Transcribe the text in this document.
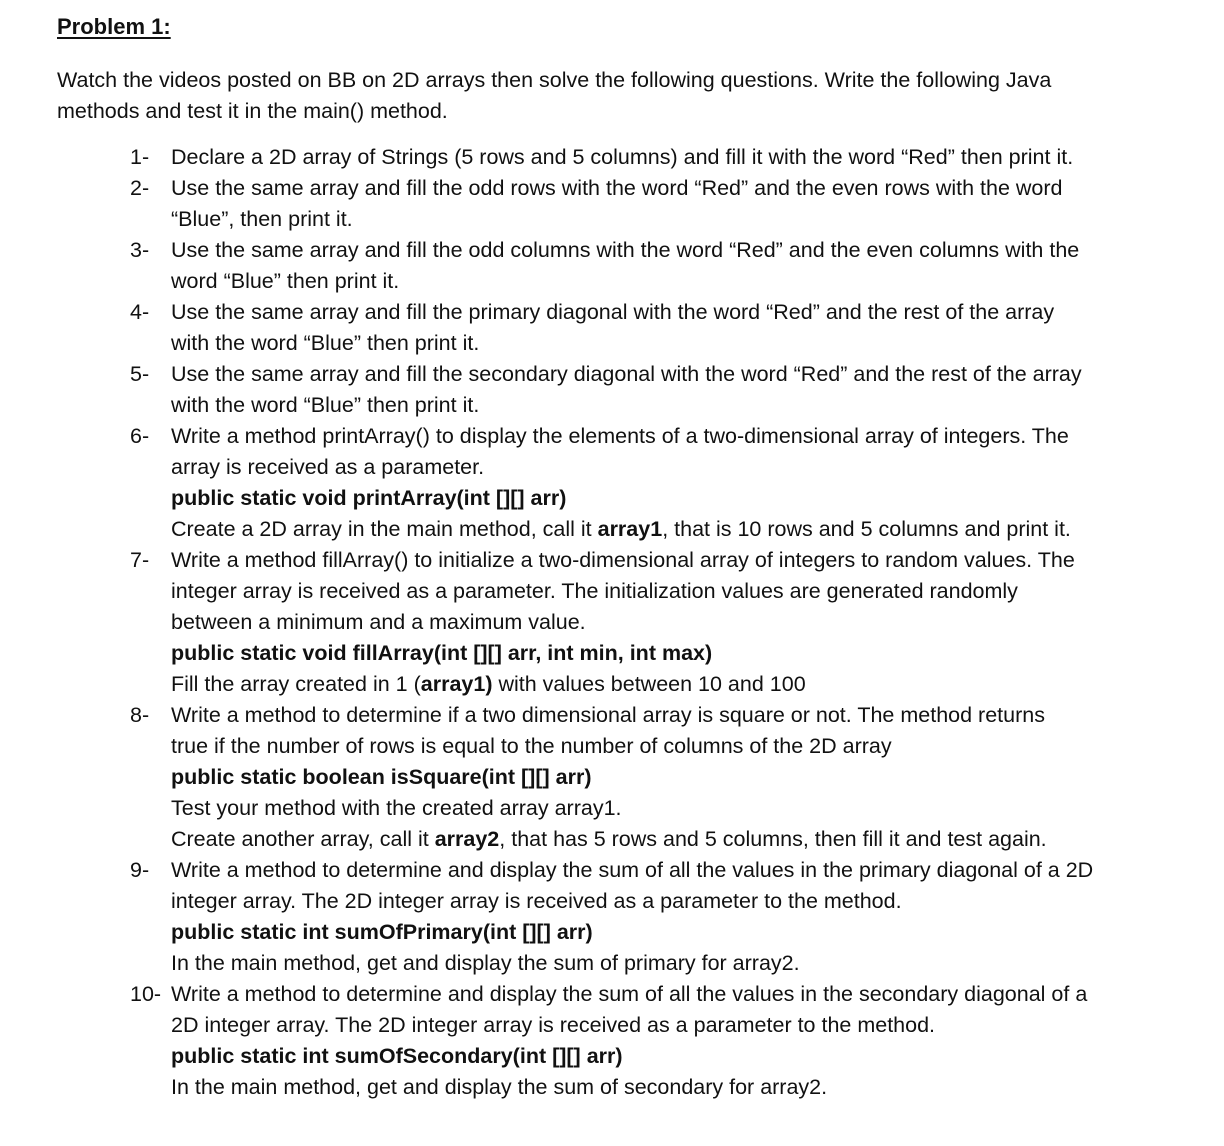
Problem 1:
Watch the videos posted on BB on 2D arrays then solve the following questions. Write the following Java
methods and test it in the main() method.
1- Declare a 2D array of Strings (5 rows and 5 columns) and fill it with the word “Red” then print it.
2- Use the same array and fill the odd rows with the word “Red” and the even rows with the word
“Blue”, then print it.
3- Use the same array and fill the odd columns with the word “Red” and the even columns with the
word “Blue” then print it.
4- Use the same array and fill the primary diagonal with the word “Red” and the rest of the array
with the word “Blue” then print it.
5- Use the same array and fill the secondary diagonal with the word “Red” and the rest of the array
with the word “Blue” then print it.
6- Write a method printArray() to display the elements of a two-dimensional array of integers. The
array is received as a parameter.
public static void printArray(int [][] arr)
Create a 2D array in the main method, call it array1, that is 10 rows and 5 columns and print it.
7- Write a method fillArray() to initialize a two-dimensional array of integers to random values. The
integer array is received as a parameter. The initialization values are generated randomly
between a minimum and a maximum value.
public static void fillArray(int [][] arr, int min, int max)
Fill the array created in 1 (array1) with values between 10 and 100
8- Write a method to determine if a two dimensional array is square or not. The method returns
true if the number of rows is equal to the number of columns of the 2D array
public static boolean isSquare(int [][] arr)
Test your method with the created array array1.
Create another array, call it array2, that has 5 rows and 5 columns, then fill it and test again.
9- Write a method to determine and display the sum of all the values in the primary diagonal of a 2D
integer array. The 2D integer array is received as a parameter to the method.
public static int sumOfPrimary(int [][] arr)
In the main method, get and display the sum of primary for array2.
10- Write a method to determine and display the sum of all the values in the secondary diagonal of a
2D integer array. The 2D integer array is received as a parameter to the method.
public static int sumOfSecondary(int [][] arr)
In the main method, get and display the sum of secondary for array2.
